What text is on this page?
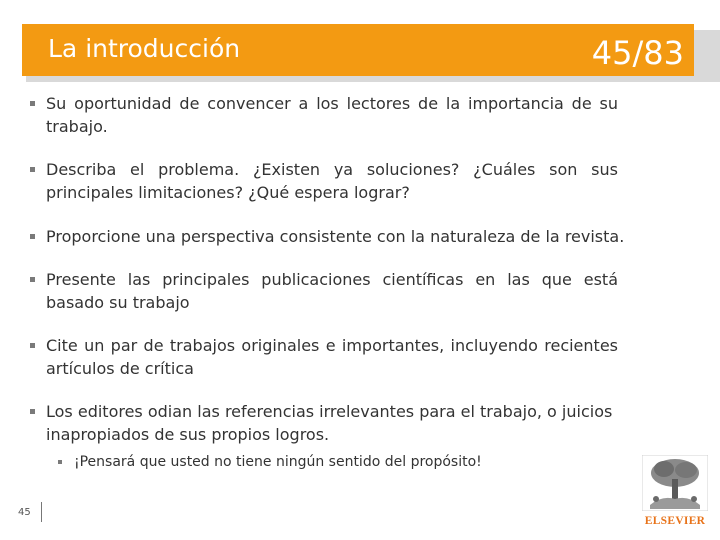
La introducción	45/83
Su oportunidad de convencer a los lectores de la importancia de su trabajo.
Describa el problema. ¿Existen ya soluciones? ¿Cuáles son sus principales limitaciones? ¿Qué espera lograr?
Proporcione una perspectiva consistente con la naturaleza de la revista.
Presente las principales publicaciones científicas en las que está basado su trabajo
Cite un par de trabajos originales e importantes, incluyendo recientes artículos de crítica
Los editores odian las referencias irrelevantes para el trabajo, o juicios inapropiados de sus propios logros.
¡Pensará que usted no tiene ningún sentido del propósito!
45
ELSEVIER
